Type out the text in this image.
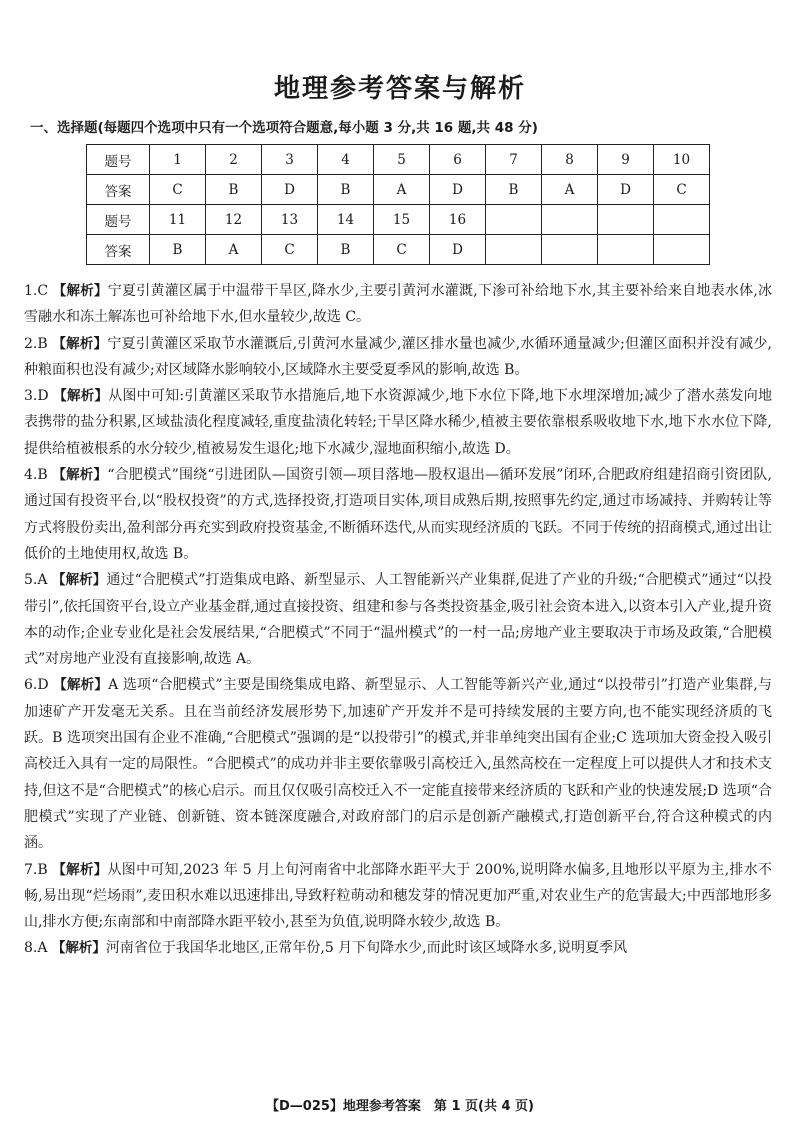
地理参考答案与解析
一、选择题(每题四个选项中只有一个选项符合题意,每小题 3 分,共 16 题,共 48 分)
题号	1	2	3	4	5	6	7	8	9	10
答案	C	B	D	B	A	D	B	A	D	C
题号	11	12	13	14	15	16				
答案	B	A	C	B	C	D				

1.C 【解析】宁夏引黄灌区属于中温带干旱区,降水少,主要引黄河水灌溉,下渗可补给地下水,其主要补给来自地表水体,冰雪融水和冻土解冻也可补给地下水,但水量较少,故选 C。

2.B 【解析】宁夏引黄灌区采取节水灌溉后,引黄河水量减少,灌区排水量也减少,水循环通量减少;但灌区面积并没有减少,种粮面积也没有减少;对区域降水影响较小,区域降水主要受夏季风的影响,故选 B。

3.D 【解析】从图中可知:引黄灌区采取节水措施后,地下水资源减少,地下水位下降,地下水埋深增加;减少了潜水蒸发向地表携带的盐分积累,区域盐渍化程度减轻,重度盐渍化转轻;干旱区降水稀少,植被主要依靠根系吸收地下水,地下水水位下降,提供给植被根系的水分较少,植被易发生退化;地下水减少,湿地面积缩小,故选 D。

4.B 【解析】“合肥模式”围绕“引进团队—国资引领—项目落地—股权退出—循环发展”闭环,合肥政府组建招商引资团队,通过国有投资平台,以“股权投资”的方式,选择投资,打造项目实体,项目成熟后期,按照事先约定,通过市场减持、并购转让等方式将股份卖出,盈利部分再充实到政府投资基金,不断循环迭代,从而实现经济质的飞跃。不同于传统的招商模式,通过出让低价的土地使用权,故选 B。

5.A 【解析】通过“合肥模式”打造集成电路、新型显示、人工智能新兴产业集群,促进了产业的升级;“合肥模式”通过“以投带引”,依托国资平台,设立产业基金群,通过直接投资、组建和参与各类投资基金,吸引社会资本进入,以资本引入产业,提升资本的动作;企业专业化是社会发展结果,“合肥模式”不同于“温州模式”的一村一品;房地产业主要取决于市场及政策,“合肥模式”对房地产业没有直接影响,故选 A。

6.D 【解析】A 选项“合肥模式”主要是围绕集成电路、新型显示、人工智能等新兴产业,通过“以投带引”打造产业集群,与加速矿产开发毫无关系。且在当前经济发展形势下,加速矿产开发并不是可持续发展的主要方向,也不能实现经济质的飞跃。B 选项突出国有企业不准确,“合肥模式”强调的是“以投带引”的模式,并非单纯突出国有企业;C 选项加大资金投入吸引高校迁入具有一定的局限性。“合肥模式”的成功并非主要依靠吸引高校迁入,虽然高校在一定程度上可以提供人才和技术支持,但这不是“合肥模式”的核心启示。而且仅仅吸引高校迁入不一定能直接带来经济质的飞跃和产业的快速发展;D 选项“合肥模式”实现了产业链、创新链、资本链深度融合,对政府部门的启示是创新产融模式,打造创新平台,符合这种模式的内涵。

7.B 【解析】从图中可知,2023 年 5 月上旬河南省中北部降水距平大于 200%,说明降水偏多,且地形以平原为主,排水不畅,易出现“烂场雨”,麦田积水难以迅速排出,导致籽粒萌动和穗发芽的情况更加严重,对农业生产的危害最大;中西部地形多山,排水方便;东南部和中南部降水距平较小,甚至为负值,说明降水较少,故选 B。

8.A 【解析】河南省位于我国华北地区,正常年份,5 月下旬降水少,而此时该区域降水多,说明夏季风

【D—025】地理参考答案　第 1 页(共 4 页)
